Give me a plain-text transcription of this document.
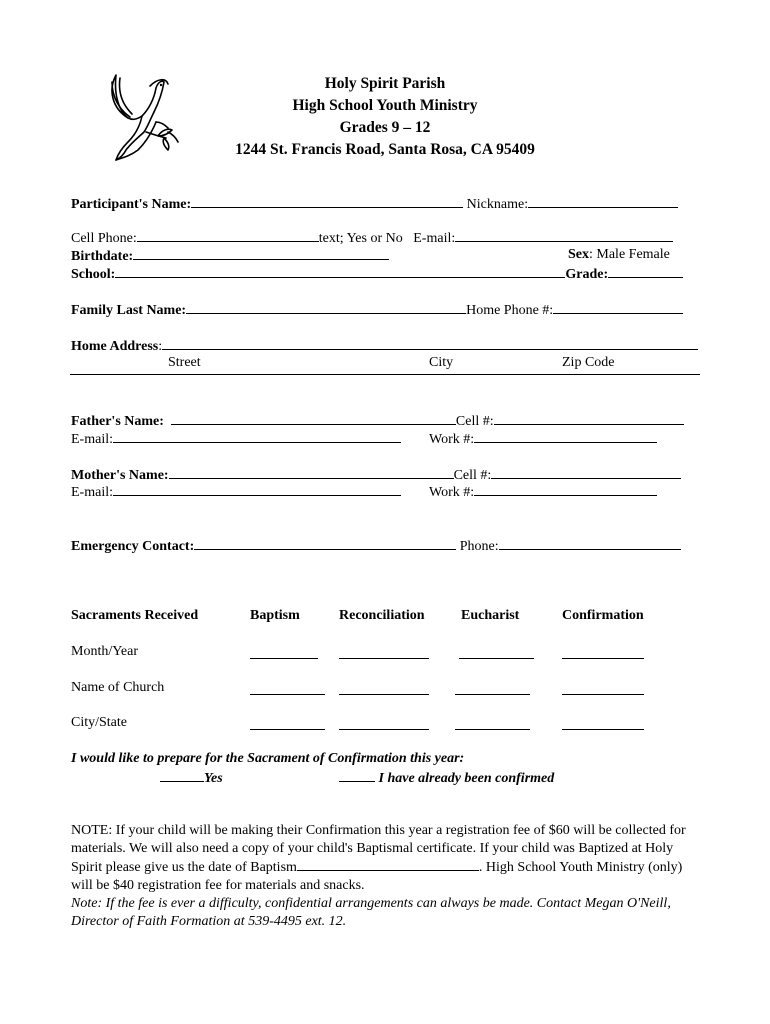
Holy Spirit Parish
High School Youth Ministry
Grades 9 – 12
1244 St. Francis Road, Santa Rosa, CA 95409
Participant's Name:	Nickname:
Cell Phone:	text; Yes or No E-mail:
Birthdate:	Sex: Male Female
School:	Grade:
Family Last Name:	Home Phone #:
Home Address:
Street	City	Zip Code
Father's Name:	Cell #:
E-mail:	Work #:
Mother's Name:	Cell #:
E-mail:	Work #:
Emergency Contact:	Phone:
Sacraments Received	Baptism	Reconciliation	Eucharist	Confirmation
Month/Year
Name of Church
City/State
I would like to prepare for the Sacrament of Confirmation this year:
Yes	I have already been confirmed
NOTE: If your child will be making their Confirmation this year a registration fee of $60 will be collected for materials. We will also need a copy of your child's Baptismal certificate. If your child was Baptized at Holy Spirit please give us the date of Baptism	. High School Youth Ministry (only) will be $40 registration fee for materials and snacks.
Note: If the fee is ever a difficulty, confidential arrangements can always be made. Contact Megan O'Neill, Director of Faith Formation at 539-4495 ext. 12.
